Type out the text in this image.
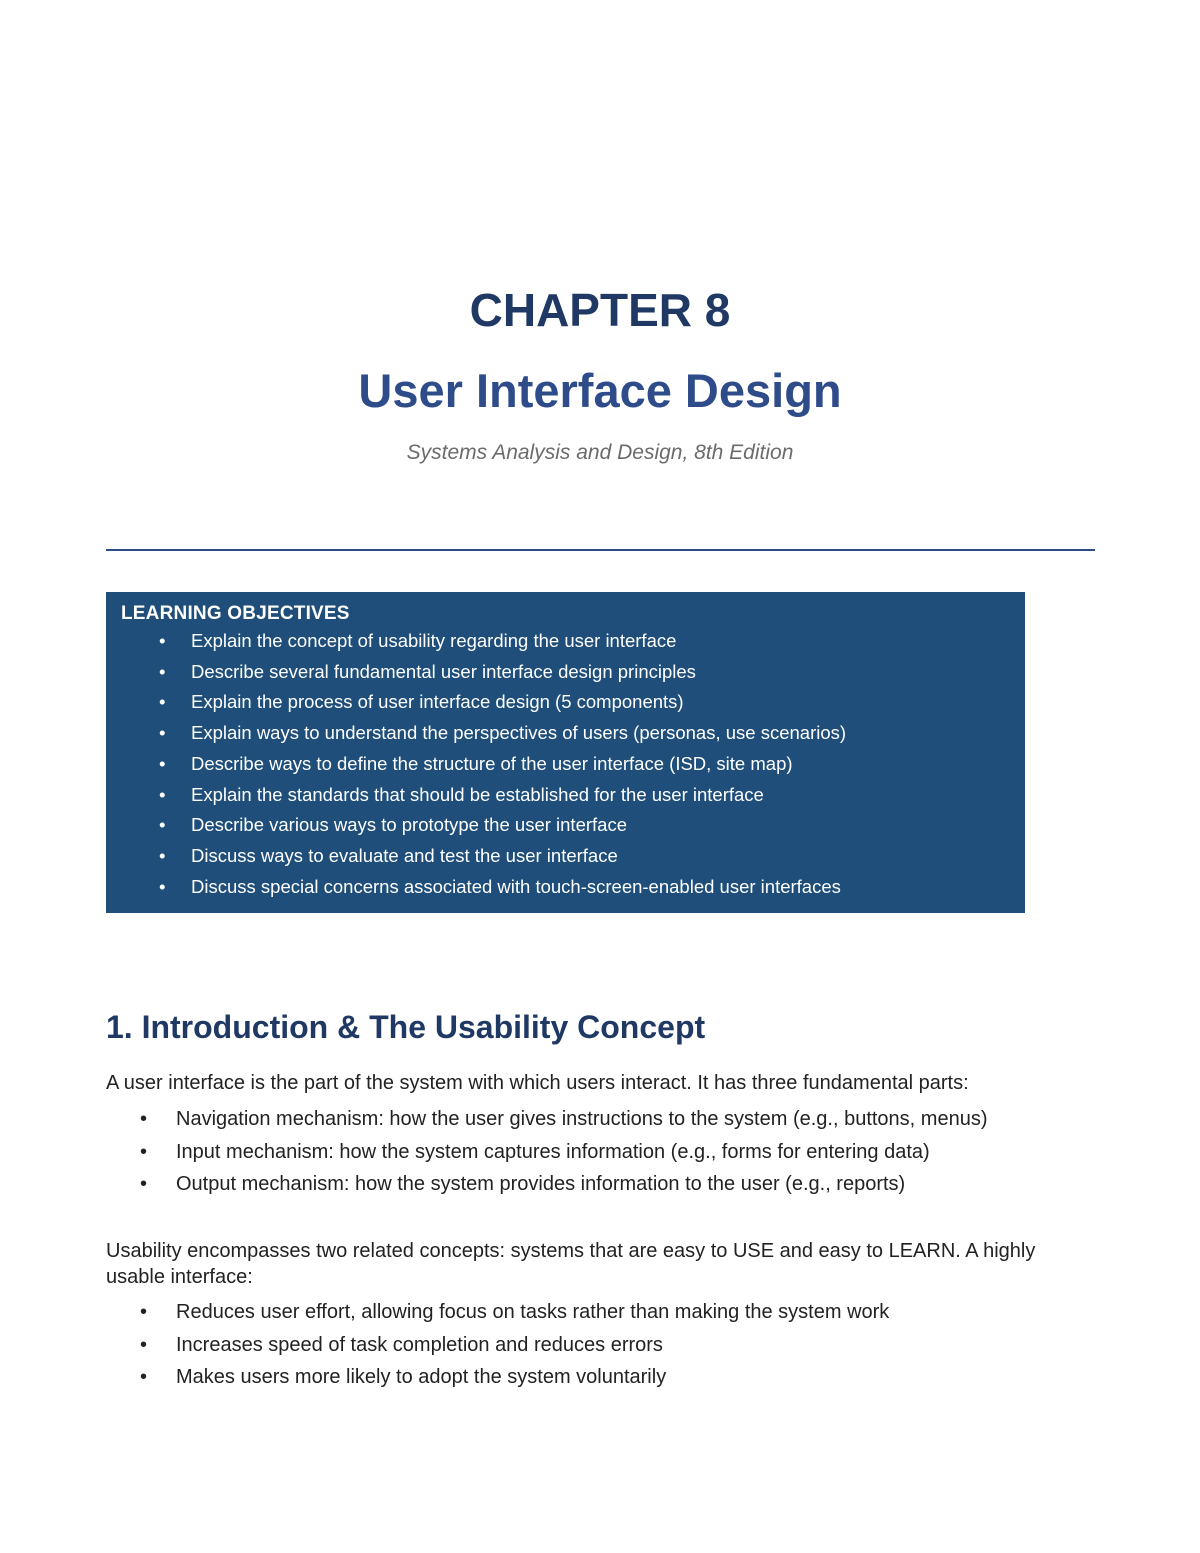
CHAPTER 8
User Interface Design
Systems Analysis and Design, 8th Edition
LEARNING OBJECTIVES
• Explain the concept of usability regarding the user interface
• Describe several fundamental user interface design principles
• Explain the process of user interface design (5 components)
• Explain ways to understand the perspectives of users (personas, use scenarios)
• Describe ways to define the structure of the user interface (ISD, site map)
• Explain the standards that should be established for the user interface
• Describe various ways to prototype the user interface
• Discuss ways to evaluate and test the user interface
• Discuss special concerns associated with touch-screen-enabled user interfaces
1. Introduction & The Usability Concept

A user interface is the part of the system with which users interact. It has three fundamental parts:

• Navigation mechanism: how the user gives instructions to the system (e.g., buttons, menus)
• Input mechanism: how the system captures information (e.g., forms for entering data)
• Output mechanism: how the system provides information to the user (e.g., reports)

Usability encompasses two related concepts: systems that are easy to USE and easy to LEARN. A highly usable interface:

• Reduces user effort, allowing focus on tasks rather than making the system work
• Increases speed of task completion and reduces errors
• Makes users more likely to adopt the system voluntarily
